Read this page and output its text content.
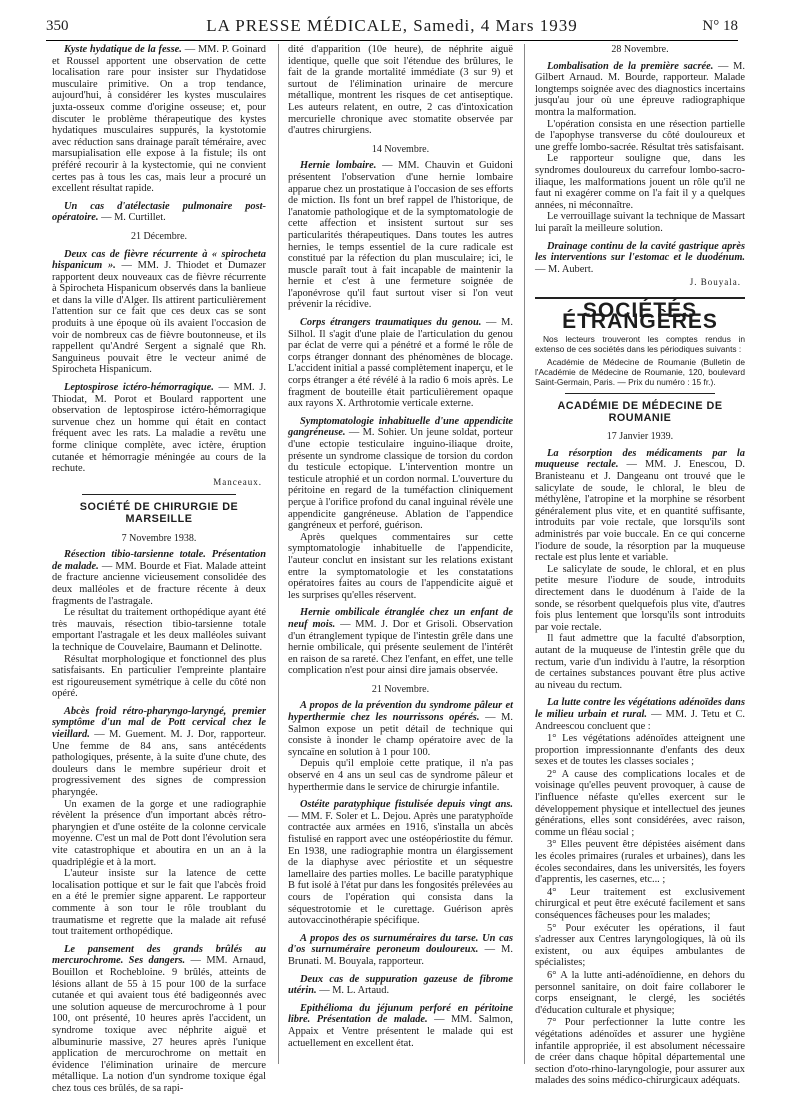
350	LA PRESSE MÉDICALE, Samedi, 4 Mars 1939	N° 18

Kyste hydatique de la fesse. — MM. P. Goinard et Roussel apportent une observation de cette localisation rare pour insister sur l'hydatidose musculaire primitive. On a trop tendance, aujourd'hui, à considérer les kystes musculaires juxta-osseux comme d'origine osseuse; et, pour discuter le problème thérapeutique des kystes hydatiques musculaires suppurés, la kystotomie avec réduction sans drainage paraît téméraire, avec marsupialisation elle expose à la fistule; ils ont préféré recourir à la kystectomie, qui ne convient certes pas à tous les cas, mais leur a procuré un excellent résultat rapide.

Un cas d'atélectasie pulmonaire post-opératoire. — M. Curtillet.

21 Décembre.

Deux cas de fièvre récurrente à « spirocheta hispanicum ». — MM. J. Thiodet et Dumazer rapportent deux nouveaux cas de fièvre récurrente à Spirocheta Hispanicum observés dans la banlieue et dans la ville d'Alger. Ils attirent particulièrement l'attention sur ce fait que ces deux cas se sont produits à une époque où ils avaient l'occasion de voir de nombreux cas de fièvre boutonneuse, et ils rappellent qu'André Sergent a signalé que Rh. Sanguineus pouvait être le vecteur animé de Spirocheta Hispanicum.

Leptospirose ictéro-hémorragique. — MM. J. Thiodat, M. Porot et Boulard rapportent une observation de leptospirose ictéro-hémorragique survenue chez un homme qui était en contact fréquent avec les rats. La maladie a revêtu une forme clinique complète, avec ictère, éruption cutanée et hémorragie méningée au cours de la rechute.

Manceaux.

SOCIÉTÉ DE CHIRURGIE DE MARSEILLE

7 Novembre 1938.

Résection tibio-tarsienne totale. Présentation de malade. — MM. Bourde et Fiat. Malade atteint de fracture ancienne vicieusement consolidée des deux malléoles et de fracture récente à deux fragments de l'astragale.

Le résultat du traitement orthopédique ayant été très mauvais, résection tibio-tarsienne totale emportant l'astragale et les deux malléoles suivant la technique de Couvelaire, Baumann et Delinotte.

Résultat morphologique et fonctionnel des plus satisfaisants. En particulier l'empreinte plantaire est rigoureusement symétrique à celle du côté non opéré.

Abcès froid rétro-pharyngo-laryngé, premier symptôme d'un mal de Pott cervical chez le vieillard. — M. Guement. M. J. Dor, rapporteur. Une femme de 84 ans, sans antécédents pathologiques, présente, à la suite d'une chute, des douleurs dans le membre supérieur droit et progressivement des signes de compression pharyngée.

Un examen de la gorge et une radiographie révèlent la présence d'un important abcès rétro-pharyngien et d'une ostéite de la colonne cervicale moyenne. C'est un mal de Pott dont l'évolution sera vite catastrophique et aboutira en un an à la quadriplégie et à la mort.

L'auteur insiste sur la latence de cette localisation pottique et sur le fait que l'abcès froid en a été le premier signe apparent. Le rapporteur commente à son tour le rôle troublant du traumatisme et regrette que la malade ait refusé tout traitement orthopédique.

Le pansement des grands brûlés au mercurochrome. Ses dangers. — MM. Arnaud, Bouillon et Rochebloine. 9 brûlés, atteints de lésions allant de 55 à 15 pour 100 de la surface cutanée et qui avaient tous été badigeonnés avec une solution aqueuse de mercurochrome à 1 pour 100, ont présenté, 10 heures après l'accident, un syndrome toxique avec néphrite aiguë et albuminurie massive, 27 heures après l'unique application de mercurochrome on mettait en évidence l'élimination urinaire de mercure métallique. La notion d'un syndrome toxique égal chez tous ces brûlés, de sa rapi-

dité d'apparition (10e heure), de néphrite aiguë identique, quelle que soit l'étendue des brûlures, le fait de la grande mortalité immédiate (3 sur 9) et surtout de l'élimination urinaire de mercure métallique, montrent les risques de cet antiseptique. Les auteurs relatent, en outre, 2 cas d'intoxication mercurielle chronique avec stomatite observée par d'autres chirurgiens.

14 Novembre.

Hernie lombaire. — MM. Chauvin et Guidoni présentent l'observation d'une hernie lombaire apparue chez un prostatique à l'occasion de ses efforts de miction. Ils font un bref rappel de l'historique, de l'anatomie pathologique et de la symptomatologie de cette affection et insistent surtout sur ses particularités thérapeutiques. Dans toutes les autres hernies, le temps essentiel de la cure radicale est constitué par la réfection du plan musculaire; ici, le muscle paraît tout à fait incapable de maintenir la hernie et c'est à une fermeture soignée de l'aponévrose qu'il faut surtout viser si l'on veut prévenir la récidive.

Corps étrangers traumatiques du genou. — M. Silhol. Il s'agit d'une plaie de l'articulation du genou par éclat de verre qui a pénétré et a formé le rôle de corps étranger donnant des phénomènes de blocage. L'accident initial a passé complètement inaperçu, et le corps étranger a été révélé à la radio 6 mois après. Le fragment de bouteille était particulièrement opaque aux rayons X. Arthrotomie verticale externe.

Symptomatologie inhabituelle d'une appendicite gangréneuse. — M. Sohier. Un jeune soldat, porteur d'une ectopie testiculaire inguino-iliaque droite, présente un syndrome classique de torsion du cordon du testicule ectopique. L'intervention montre un testicule atrophié et un cordon normal. L'ouverture du péritoine en regard de la tuméfaction cliniquement perçue à l'orifice profond du canal inguinal révèle une appendicite gangréneuse. Ablation de l'appendice gangréneux et perforé, guérison.

Après quelques commentaires sur cette symptomatologie inhabituelle de l'appendicite, l'auteur conclut en insistant sur les relations existant entre la symptomatologie et les constatations opératoires faites au cours de l'appendicite aiguë et les surprises qu'elles réservent.

Hernie ombilicale étranglée chez un enfant de neuf mois. — MM. J. Dor et Grisoli. Observation d'un étranglement typique de l'intestin grêle dans une hernie ombilicale, qui présente seulement de l'intérêt en raison de sa rareté. Chez l'enfant, en effet, une telle complication n'est pour ainsi dire jamais observée.

21 Novembre.

A propos de la prévention du syndrome pâleur et hyperthermie chez les nourrissons opérés. — M. Salmon expose un petit détail de technique qui consiste à inonder le champ opératoire avec de la syncaïne en solution à 1 pour 100.

Depuis qu'il emploie cette pratique, il n'a pas observé en 4 ans un seul cas de syndrome pâleur et hyperthermie dans le service de chirurgie infantile.

Ostéite paratyphique fistulisée depuis vingt ans. — MM. F. Soler et L. Dejou. Après une paratyphoïde contractée aux armées en 1916, s'installa un abcès fistulisé en rapport avec une ostéopériostite du fémur. En 1938, une radiographie montra un élargissement de la diaphyse avec périostite et un séquestre lamellaire des parties molles. Le bacille paratyphique B fut isolé à l'état pur dans les fongosités prélevées au cours de l'opération qui consista dans la séquestrotomie et le curettage. Guérison après autovaccinothérapie spécifique.

A propos des os surnuméraires du tarse. Un cas d'os surnuméraire peroneum douloureux. — M. Brunati. M. Bouyala, rapporteur.

Deux cas de suppuration gazeuse de fibrome utérin. — M. L. Artaud.

Epithélioma du jéjunum perforé en péritoine libre. Présentation de malade. — MM. Salmon, Appaix et Ventre présentent le malade qui est actuellement en excellent état.

28 Novembre.

Lombalisation de la première sacrée. — M. Gilbert Arnaud. M. Bourde, rapporteur. Malade longtemps soignée avec des diagnostics incertains jusqu'au jour où une épreuve radiographique montra la malformation.

L'opération consista en une résection partielle de l'apophyse transverse du côté douloureux et une greffe lombo-sacrée. Résultat très satisfaisant.

Le rapporteur souligne que, dans les syndromes douloureux du carrefour lombo-sacro-iliaque, les malformations jouent un rôle qu'il ne faut ni exagérer comme on l'a fait il y a quelques années, ni méconnaître.

Le verrouillage suivant la technique de Massart lui paraît la meilleure solution.

Drainage continu de la cavité gastrique après les interventions sur l'estomac et le duodénum. — M. Aubert.

J. Bouyala.

SOCIÉTÉS ÉTRANGÈRES

Nos lecteurs trouveront les comptes rendus in extenso de ces sociétés dans les périodiques suivants :

Académie de Médecine de Roumanie (Bulletin de l'Académie de Médecine de Roumanie, 120, boulevard Saint-Germain, Paris. — Prix du numéro : 15 fr.).

ACADÉMIE DE MÉDECINE DE ROUMANIE

17 Janvier 1939.

La résorption des médicaments par la muqueuse rectale. — MM. J. Enescou, D. Branisteanu et J. Dangeanu ont trouvé que le salicylate de soude, le chloral, le bleu de méthylène, l'atropine et la morphine se résorbent généralement plus vite, et en quantité suffisante, introduits par voie rectale, que lorsqu'ils sont administrés par voie buccale. En ce qui concerne l'iodure de soude, la résorption par la muqueuse rectale est plus lente et variable.

Le salicylate de soude, le chloral, et en plus petite mesure l'iodure de soude, introduits directement dans le duodénum à l'aide de la sonde, se résorbent quelquefois plus vite, d'autres fois plus lentement que lorsqu'ils sont introduits par voie rectale.

Il faut admettre que la faculté d'absorption, autant de la muqueuse de l'intestin grêle que du rectum, varie d'un individu à l'autre, la résorption de certaines substances pouvant être plus active au niveau du rectum.

La lutte contre les végétations adénoïdes dans le milieu urbain et rural. — MM. J. Tetu et C. Andreescou concluent que :

1° Les végétations adénoïdes atteignent une proportion impressionnante d'enfants des deux sexes et de toutes les classes sociales ;

2° A cause des complications locales et de voisinage qu'elles peuvent provoquer, à cause de l'influence néfaste qu'elles exercent sur le développement physique et intellectuel des jeunes générations, elles sont considérées, avec raison, comme un fléau social ;

3° Elles peuvent être dépistées aisément dans les écoles primaires (rurales et urbaines), dans les écoles secondaires, dans les universités, les foyers d'apprentis, les casernes, etc... ;

4° Leur traitement est exclusivement chirurgical et peut être exécuté facilement et sans conséquences fâcheuses pour les malades;

5° Pour exécuter les opérations, il faut s'adresser aux Centres laryngologiques, là où ils existent, ou aux équipes ambulantes de spécialistes;

6° A la lutte anti-adénoïdienne, en dehors du personnel sanitaire, on doit faire collaborer le corps enseignant, le clergé, les sociétés d'éducation culturale et physique;

7° Pour perfectionner la lutte contre les végétations adénoïdes et assurer une hygiène infantile appropriée, il est absolument nécessaire de créer dans chaque hôpital départemental une section d'oto-rhino-laryngologie, pour assurer aux malades des soins médico-chirurgicaux adéquats.
